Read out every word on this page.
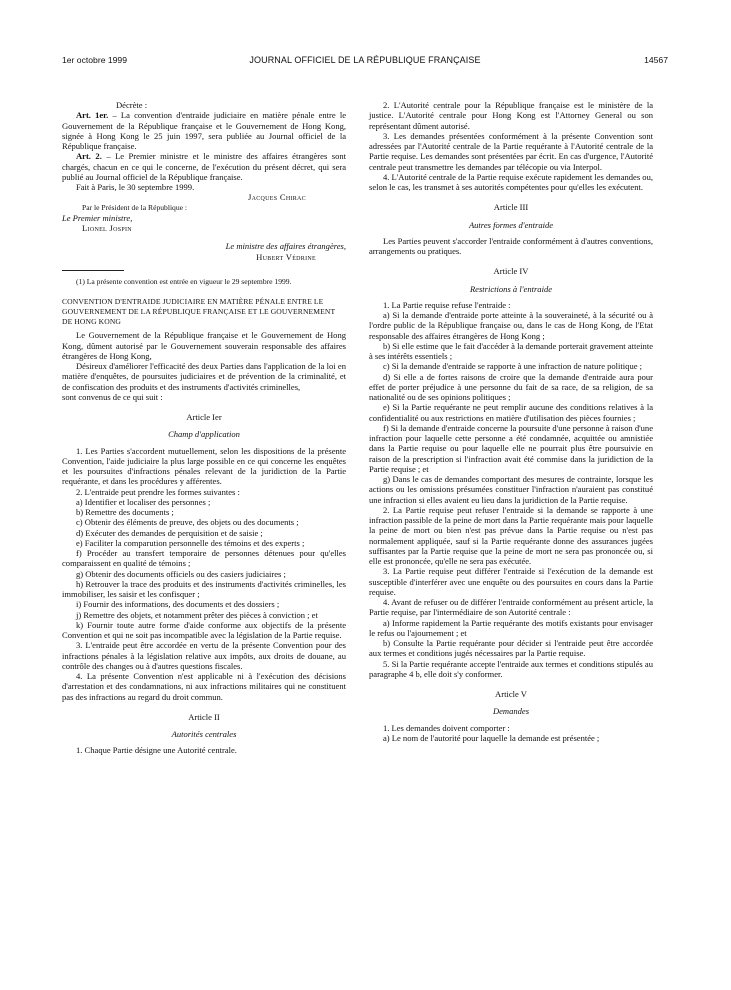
1er octobre 1999	JOURNAL OFFICIEL DE LA RÉPUBLIQUE FRANÇAISE	14567

Décrète :

Art. 1er. – La convention d'entraide judiciaire en matière pénale entre le Gouvernement de la République française et le Gouvernement de Hong Kong, signée à Hong Kong le 25 juin 1997, sera publiée au Journal officiel de la République française.

Art. 2. – Le Premier ministre et le ministre des affaires étrangères sont chargés, chacun en ce qui le concerne, de l'exécution du présent décret, qui sera publié au Journal officiel de la République française.

Fait à Paris, le 30 septembre 1999.

Jacques Chirac

Par le Président de la République :

Le Premier ministre,

Lionel Jospin

Le ministre des affaires étrangères,

Hubert Védrine

(1) La présente convention est entrée en vigueur le 29 septembre 1999.

CONVENTION D'ENTRAIDE JUDICIAIRE EN MATIÈRE PÉNALE ENTRE LE GOUVERNEMENT DE LA RÉPUBLIQUE FRANÇAISE ET LE GOUVERNEMENT DE HONG KONG

Le Gouvernement de la République française et le Gouvernement de Hong Kong, dûment autorisé par le Gouvernement souverain responsable des affaires étrangères de Hong Kong,

Désireux d'améliorer l'efficacité des deux Parties dans l'application de la loi en matière d'enquêtes, de poursuites judiciaires et de prévention de la criminalité, et de confiscation des produits et des instruments d'activités criminelles,

sont convenus de ce qui suit :

Article Ier

Champ d'application

1. Les Parties s'accordent mutuellement, selon les dispositions de la présente Convention, l'aide judiciaire la plus large possible en ce qui concerne les enquêtes et les poursuites d'infractions pénales relevant de la juridiction de la Partie requérante, et dans les procédures y afférentes.

2. L'entraide peut prendre les formes suivantes :

a) Identifier et localiser des personnes ;

b) Remettre des documents ;

c) Obtenir des éléments de preuve, des objets ou des documents ;

d) Exécuter des demandes de perquisition et de saisie ;

e) Faciliter la comparution personnelle des témoins et des experts ;

f) Procéder au transfert temporaire de personnes détenues pour qu'elles comparaissent en qualité de témoins ;

g) Obtenir des documents officiels ou des casiers judiciaires ;

h) Retrouver la trace des produits et des instruments d'activités criminelles, les immobiliser, les saisir et les confisquer ;

i) Fournir des informations, des documents et des dossiers ;

j) Remettre des objets, et notamment prêter des pièces à conviction ; et

k) Fournir toute autre forme d'aide conforme aux objectifs de la présente Convention et qui ne soit pas incompatible avec la législation de la Partie requise.

3. L'entraide peut être accordée en vertu de la présente Convention pour des infractions pénales à la législation relative aux impôts, aux droits de douane, au contrôle des changes ou à d'autres questions fiscales.

4. La présente Convention n'est applicable ni à l'exécution des décisions d'arrestation et des condamnations, ni aux infractions militaires qui ne constituent pas des infractions au regard du droit commun.

Article II

Autorités centrales

1. Chaque Partie désigne une Autorité centrale.

2. L'Autorité centrale pour la République française est le ministère de la justice. L'Autorité centrale pour Hong Kong est l'Attorney General ou son représentant dûment autorisé.

3. Les demandes présentées conformément à la présente Convention sont adressées par l'Autorité centrale de la Partie requérante à l'Autorité centrale de la Partie requise. Les demandes sont présentées par écrit. En cas d'urgence, l'Autorité centrale peut transmettre les demandes par télécopie ou via Interpol.

4. L'Autorité centrale de la Partie requise exécute rapidement les demandes ou, selon le cas, les transmet à ses autorités compétentes pour qu'elles les exécutent.

Article III

Autres formes d'entraide

Les Parties peuvent s'accorder l'entraide conformément à d'autres conventions, arrangements ou pratiques.

Article IV

Restrictions à l'entraide

1. La Partie requise refuse l'entraide :

a) Si la demande d'entraide porte atteinte à la souveraineté, à la sécurité ou à l'ordre public de la République française ou, dans le cas de Hong Kong, de l'Etat responsable des affaires étrangères de Hong Kong ;

b) Si elle estime que le fait d'accéder à la demande porterait gravement atteinte à ses intérêts essentiels ;

c) Si la demande d'entraide se rapporte à une infraction de nature politique ;

d) Si elle a de fortes raisons de croire que la demande d'entraide aura pour effet de porter préjudice à une personne du fait de sa race, de sa religion, de sa nationalité ou de ses opinions politiques ;

e) Si la Partie requérante ne peut remplir aucune des conditions relatives à la confidentialité ou aux restrictions en matière d'utilisation des pièces fournies ;

f) Si la demande d'entraide concerne la poursuite d'une personne à raison d'une infraction pour laquelle cette personne a été condamnée, acquittée ou amnistiée dans la Partie requise ou pour laquelle elle ne pourrait plus être poursuivie en raison de la prescription si l'infraction avait été commise dans la juridiction de la Partie requise ; et

g) Dans le cas de demandes comportant des mesures de contrainte, lorsque les actions ou les omissions présumées constituer l'infraction n'auraient pas constitué une infraction si elles avaient eu lieu dans la juridiction de la Partie requise.

2. La Partie requise peut refuser l'entraide si la demande se rapporte à une infraction passible de la peine de mort dans la Partie requérante mais pour laquelle la peine de mort ou bien n'est pas prévue dans la Partie requise ou n'est pas normalement appliquée, sauf si la Partie requérante donne des assurances jugées suffisantes par la Partie requise que la peine de mort ne sera pas prononcée ou, si elle est prononcée, qu'elle ne sera pas exécutée.

3. La Partie requise peut différer l'entraide si l'exécution de la demande est susceptible d'interférer avec une enquête ou des poursuites en cours dans la Partie requise.

4. Avant de refuser ou de différer l'entraide conformément au présent article, la Partie requise, par l'intermédiaire de son Autorité centrale :

a) Informe rapidement la Partie requérante des motifs existants pour envisager le refus ou l'ajournement ; et

b) Consulte la Partie requérante pour décider si l'entraide peut être accordée aux termes et conditions jugés nécessaires par la Partie requise.

5. Si la Partie requérante accepte l'entraide aux termes et conditions stipulés au paragraphe 4 b, elle doit s'y conformer.

Article V

Demandes

1. Les demandes doivent comporter :

a) Le nom de l'autorité pour laquelle la demande est présentée ;
